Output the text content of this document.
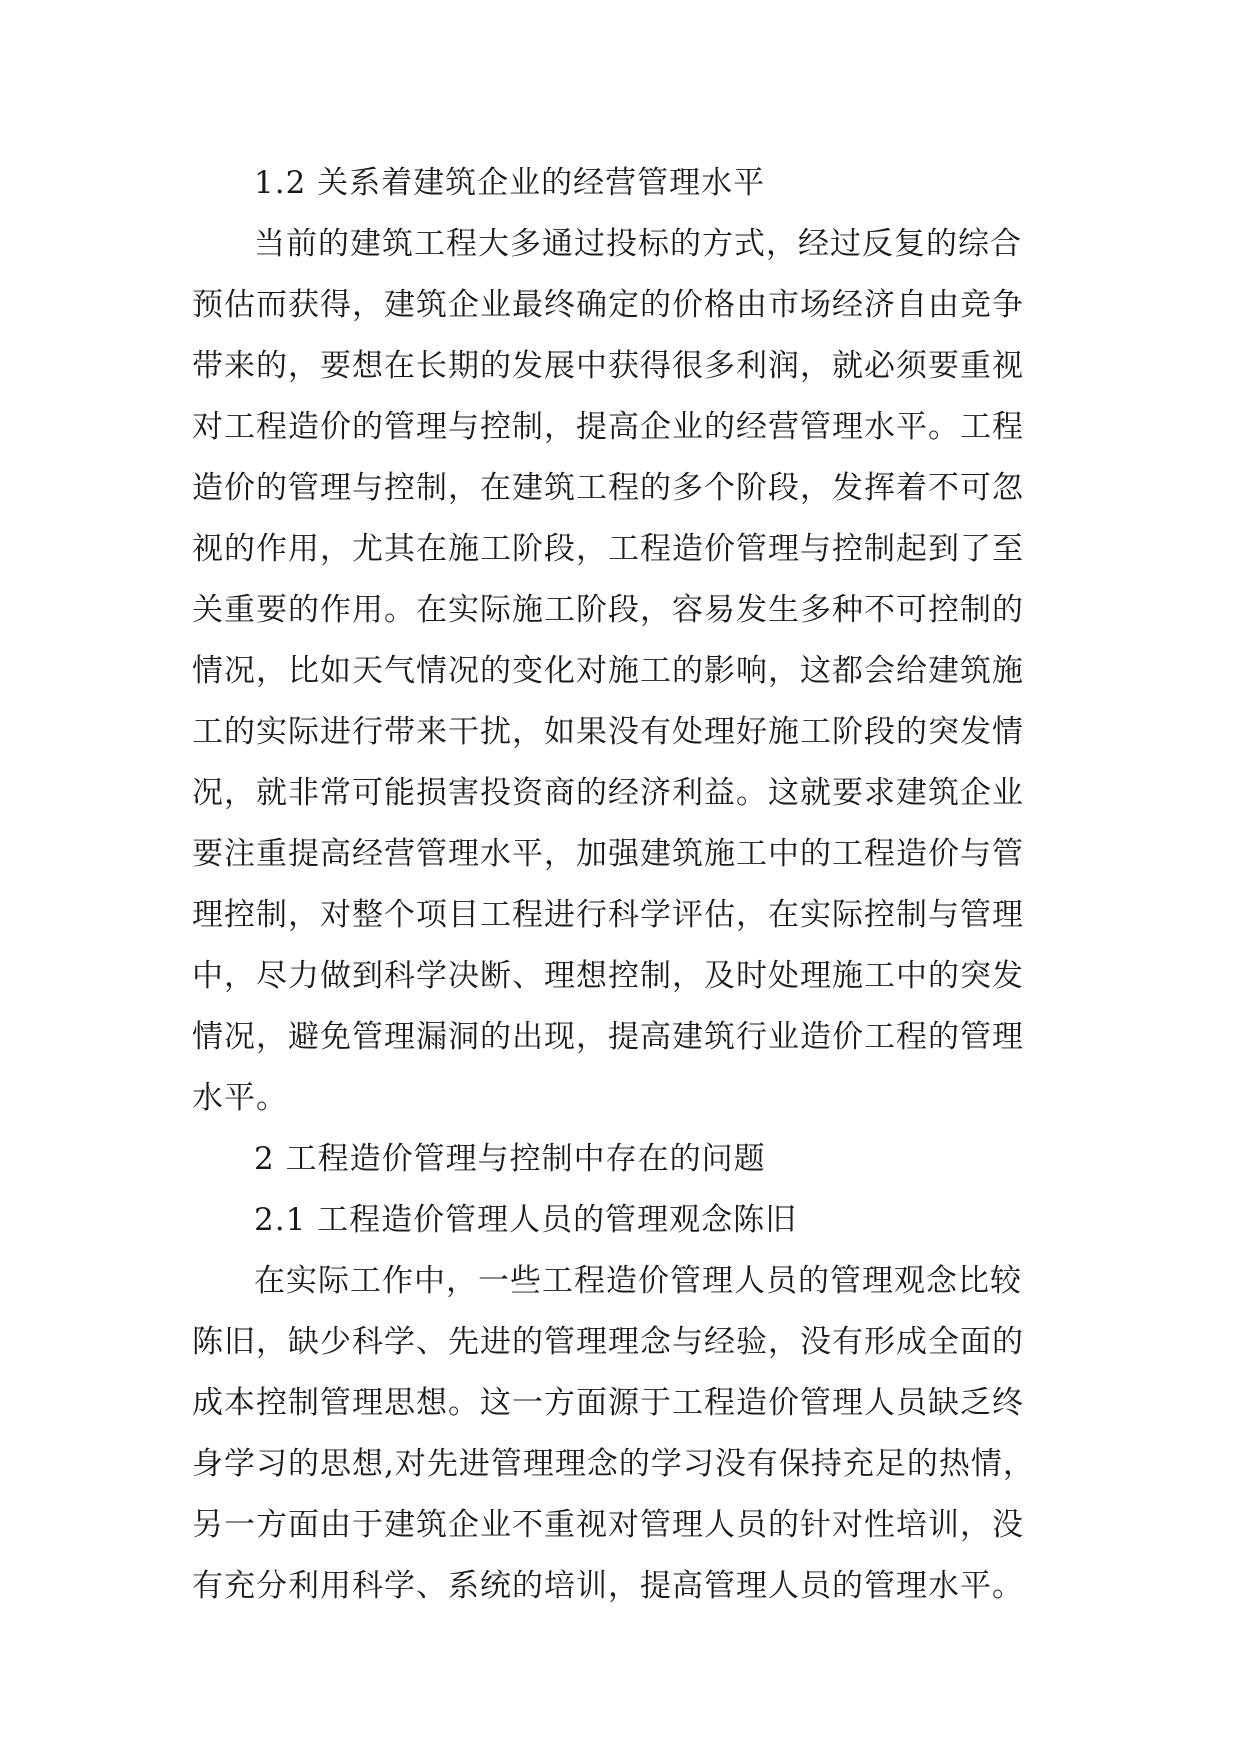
1.2 关系着建筑企业的经营管理水平
当前的建筑工程大多通过投标的方式，经过反复的综合
预估而获得，建筑企业最终确定的价格由市场经济自由竞争
带来的，要想在长期的发展中获得很多利润，就必须要重视
对工程造价的管理与控制，提高企业的经营管理水平。工程
造价的管理与控制，在建筑工程的多个阶段，发挥着不可忽
视的作用，尤其在施工阶段，工程造价管理与控制起到了至
关重要的作用。在实际施工阶段，容易发生多种不可控制的
情况，比如天气情况的变化对施工的影响，这都会给建筑施
工的实际进行带来干扰，如果没有处理好施工阶段的突发情
况，就非常可能损害投资商的经济利益。这就要求建筑企业
要注重提高经营管理水平，加强建筑施工中的工程造价与管
理控制，对整个项目工程进行科学评估，在实际控制与管理
中，尽力做到科学决断、理想控制，及时处理施工中的突发
情况，避免管理漏洞的出现，提高建筑行业造价工程的管理
水平。
2 工程造价管理与控制中存在的问题
2.1 工程造价管理人员的管理观念陈旧
在实际工作中，一些工程造价管理人员的管理观念比较
陈旧，缺少科学、先进的管理理念与经验，没有形成全面的
成本控制管理思想。这一方面源于工程造价管理人员缺乏终
身学习的思想,对先进管理理念的学习没有保持充足的热情，
另一方面由于建筑企业不重视对管理人员的针对性培训，没
有充分利用科学、系统的培训，提高管理人员的管理水平。
